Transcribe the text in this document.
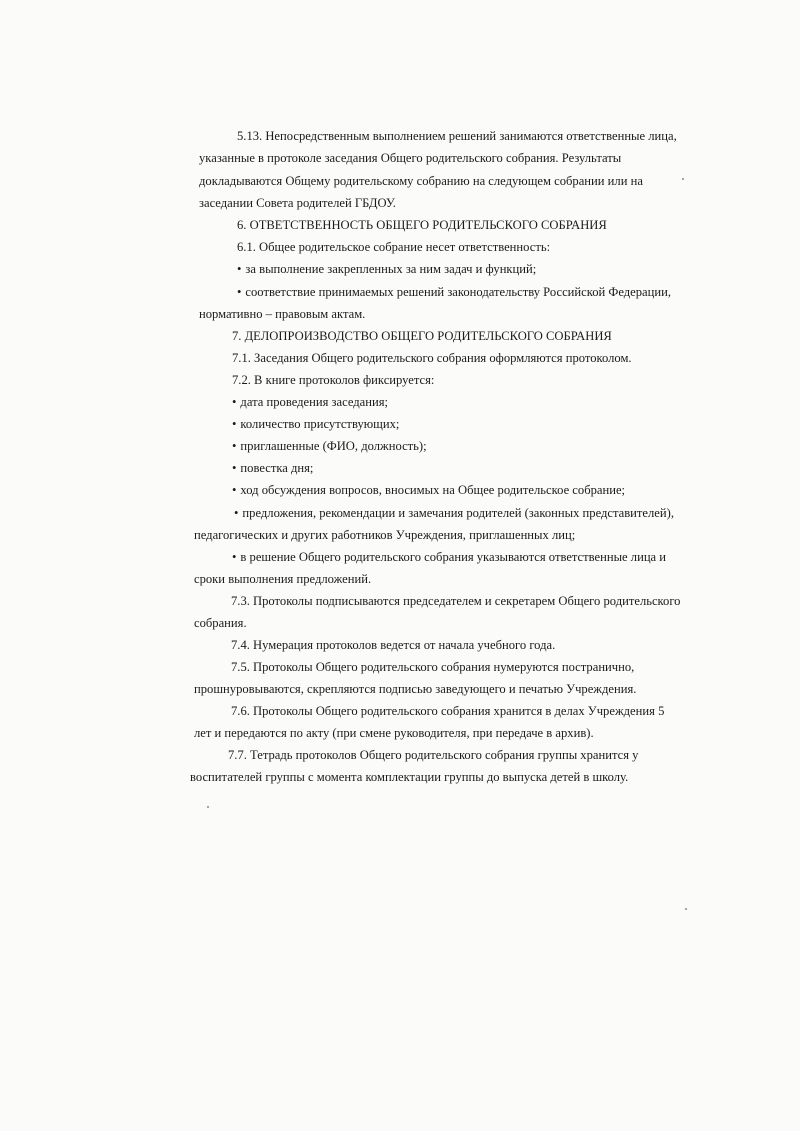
5.13. Непосредственным выполнением решений занимаются ответственные лица,
указанные в протоколе заседания Общего родительского собрания. Результаты
докладываются Общему родительскому собранию на следующем собрании или на
заседании Совета родителей ГБДОУ.
6. ОТВЕТСТВЕННОСТЬ ОБЩЕГО РОДИТЕЛЬСКОГО СОБРАНИЯ
6.1. Общее родительское собрание несет ответственность:
• за выполнение закрепленных за ним задач и функций;
• соответствие принимаемых решений законодательству Российской Федерации,
нормативно – правовым актам.
7. ДЕЛОПРОИЗВОДСТВО ОБЩЕГО РОДИТЕЛЬСКОГО СОБРАНИЯ
7.1. Заседания Общего родительского собрания оформляются протоколом.
7.2. В книге протоколов фиксируется:
• дата проведения заседания;
• количество присутствующих;
• приглашенные (ФИО, должность);
• повестка дня;
• ход обсуждения вопросов, вносимых на Общее родительское собрание;
• предложения, рекомендации и замечания родителей (законных представителей),
педагогических и других работников Учреждения, приглашенных лиц;
• в решение Общего родительского собрания указываются ответственные лица и
сроки выполнения предложений.
7.3. Протоколы подписываются председателем и секретарем Общего родительского
собрания.
7.4. Нумерация протоколов ведется от начала учебного года.
7.5. Протоколы Общего родительского собрания нумеруются постранично,
прошнуровываются, скрепляются подписью заведующего и печатью Учреждения.
7.6. Протоколы Общего родительского собрания хранится в делах Учреждения 5
лет и передаются по акту (при смене руководителя, при передаче в архив).
7.7. Тетрадь протоколов Общего родительского собрания группы хранится у
воспитателей группы с момента комплектации группы до выпуска детей в школу.
